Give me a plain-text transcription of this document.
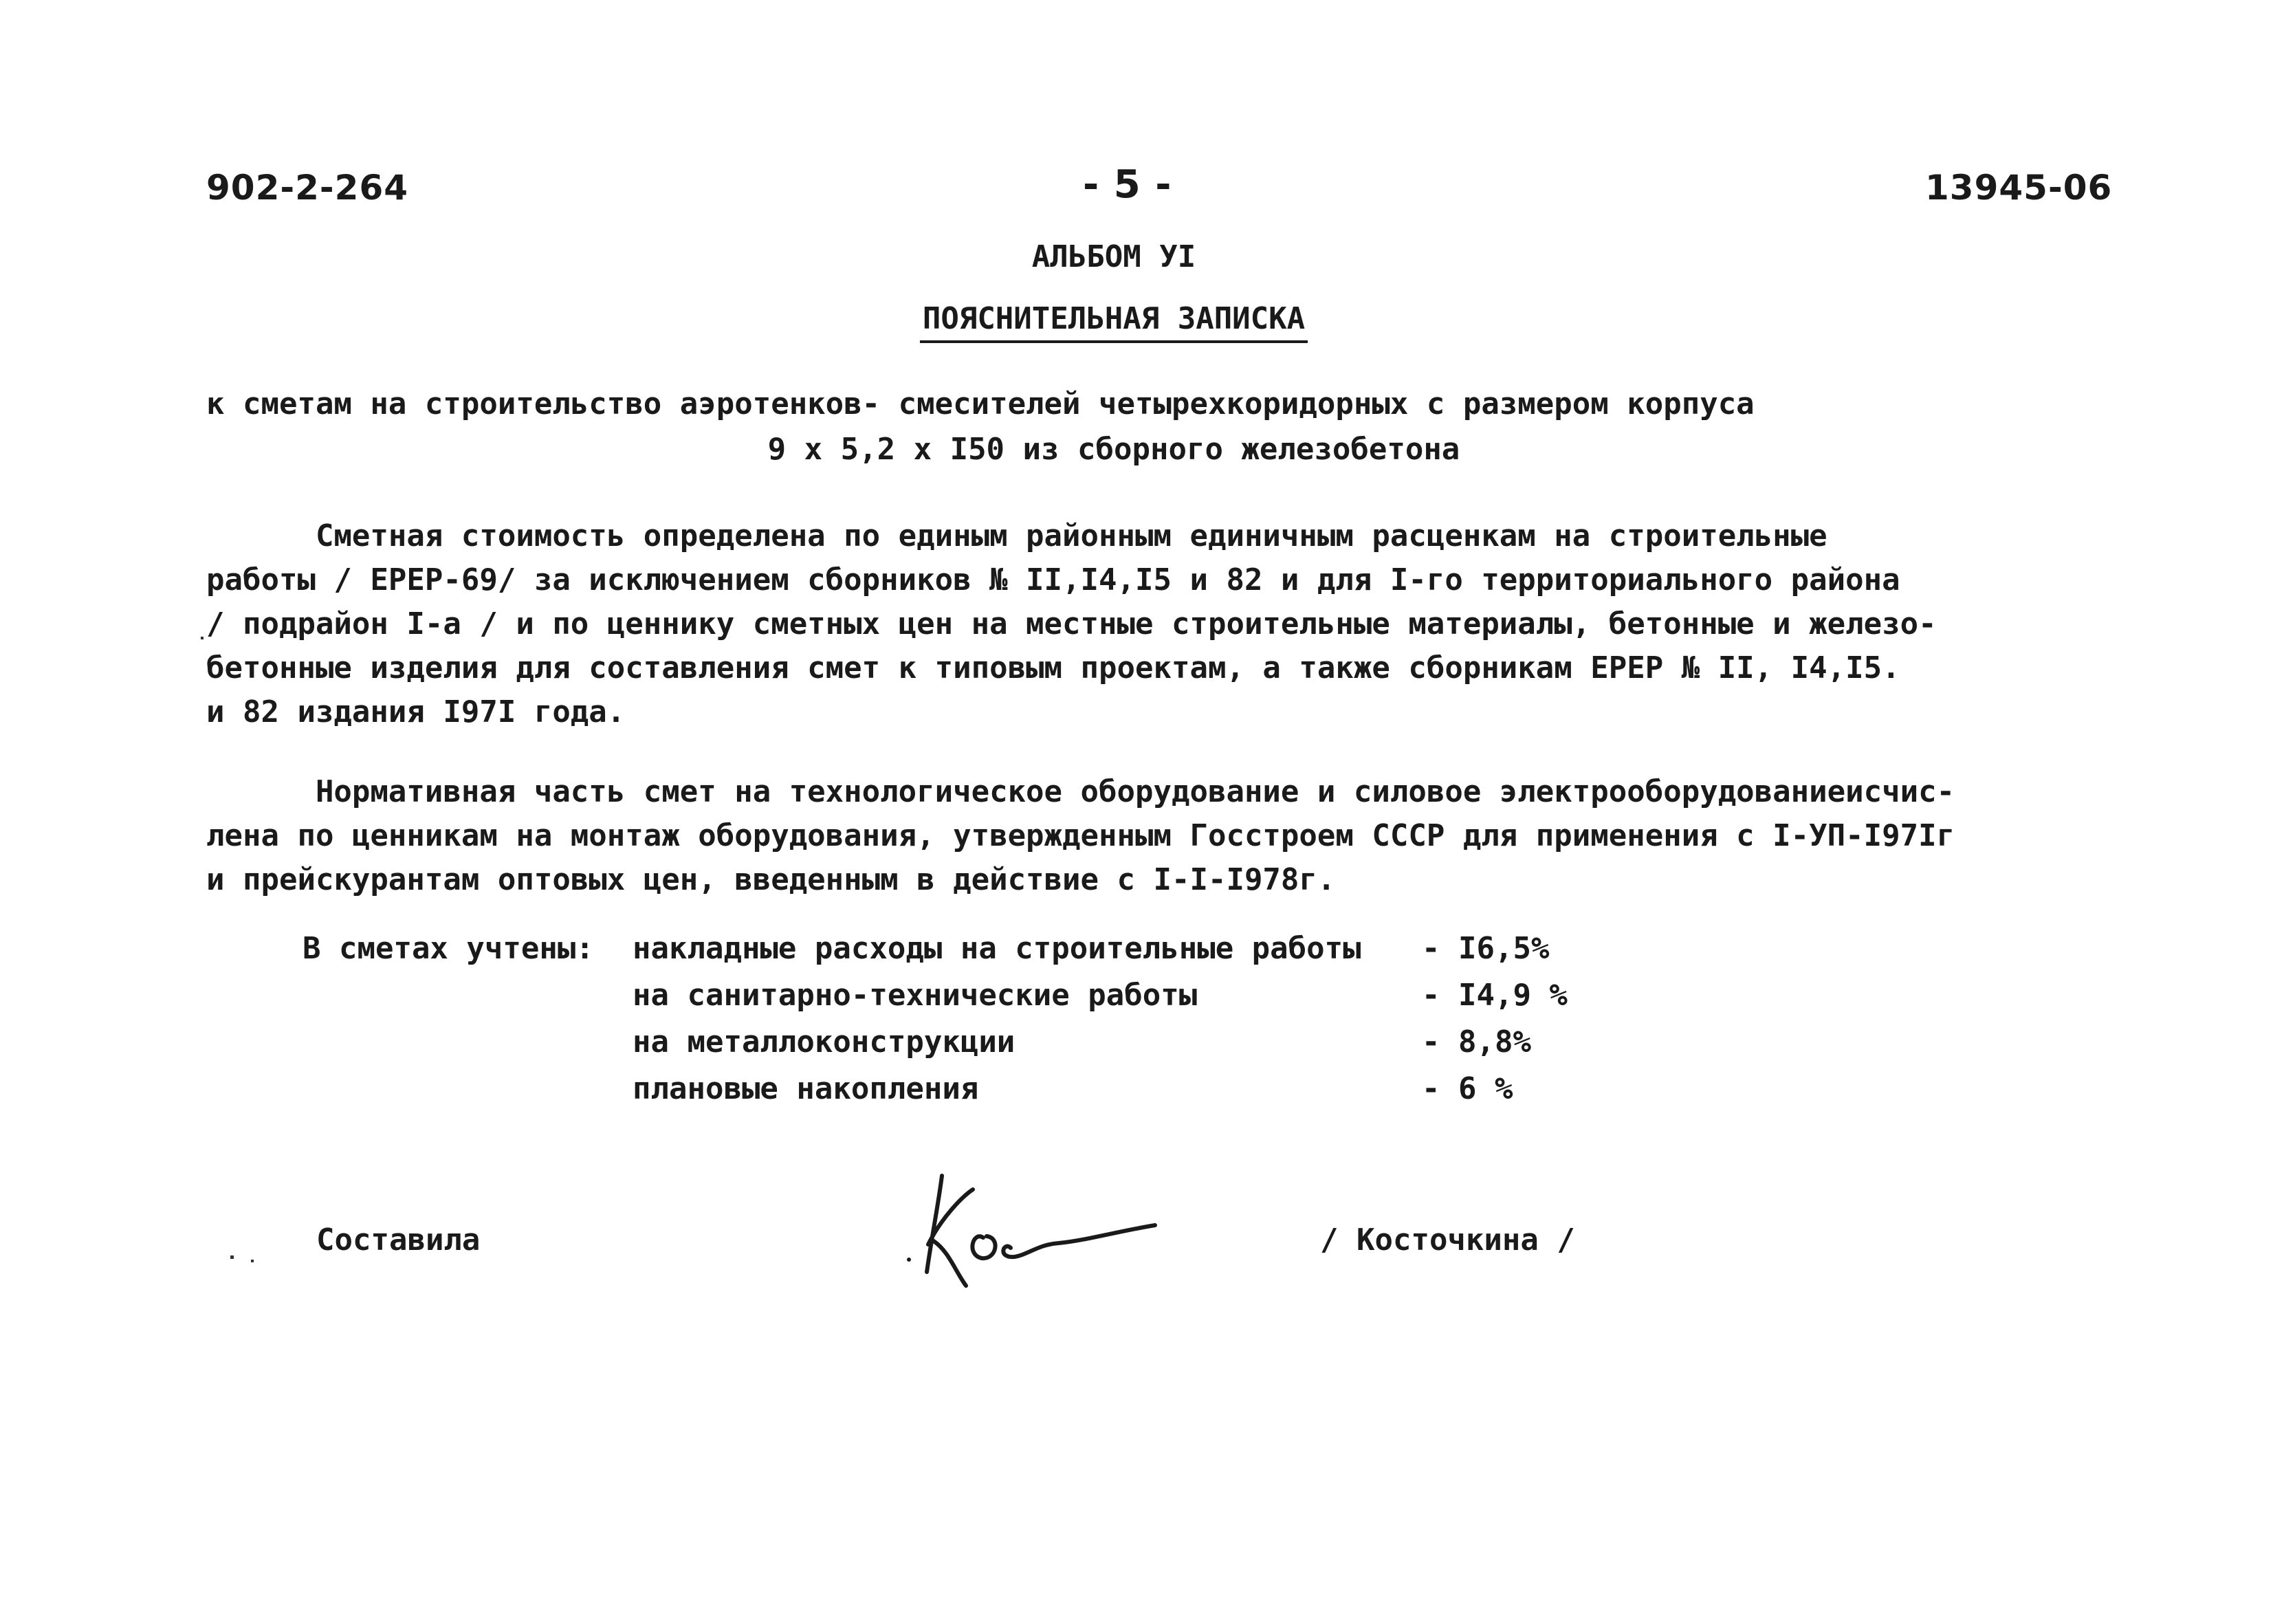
902-2-264	- 5 -	13945-06
АЛЬБОМ УI
ПОЯСНИТЕЛЬНАЯ ЗАПИСКА
к сметам на строительство аэротенков- смесителей четырехкоридорных с размером корпуса
9 х 5,2 х I50 из сборного железобетона
Сметная стоимость определена по единым районным единичным расценкам на строительные
работы / ЕРЕР-69/ за исключением сборников № II,I4,I5 и 82 и для I-го территориального района
/ подрайон I-а / и по ценнику сметных цен на местные строительные материалы, бетонные и железо-
бетонные изделия для составления смет к типовым проектам, а также сборникам ЕРЕР № II, I4,I5.
и 82 издания I97I года.
Нормативная часть смет на технологическое оборудование и силовое электрооборудованиеисчис-
лена по ценникам на монтаж оборудования, утвержденным Госстроем СССР для применения с I-УП-I97Iг
и прейскурантам оптовых цен, введенным в действие с I-I-I978г.
В сметах учтены: накладные расходы на строительные работы - I6,5%
на санитарно-технические работы	- I4,9 %
на металлоконструкции	- 8,8%
плановые накопления	- 6 %
Составила	/ Косточкина /
